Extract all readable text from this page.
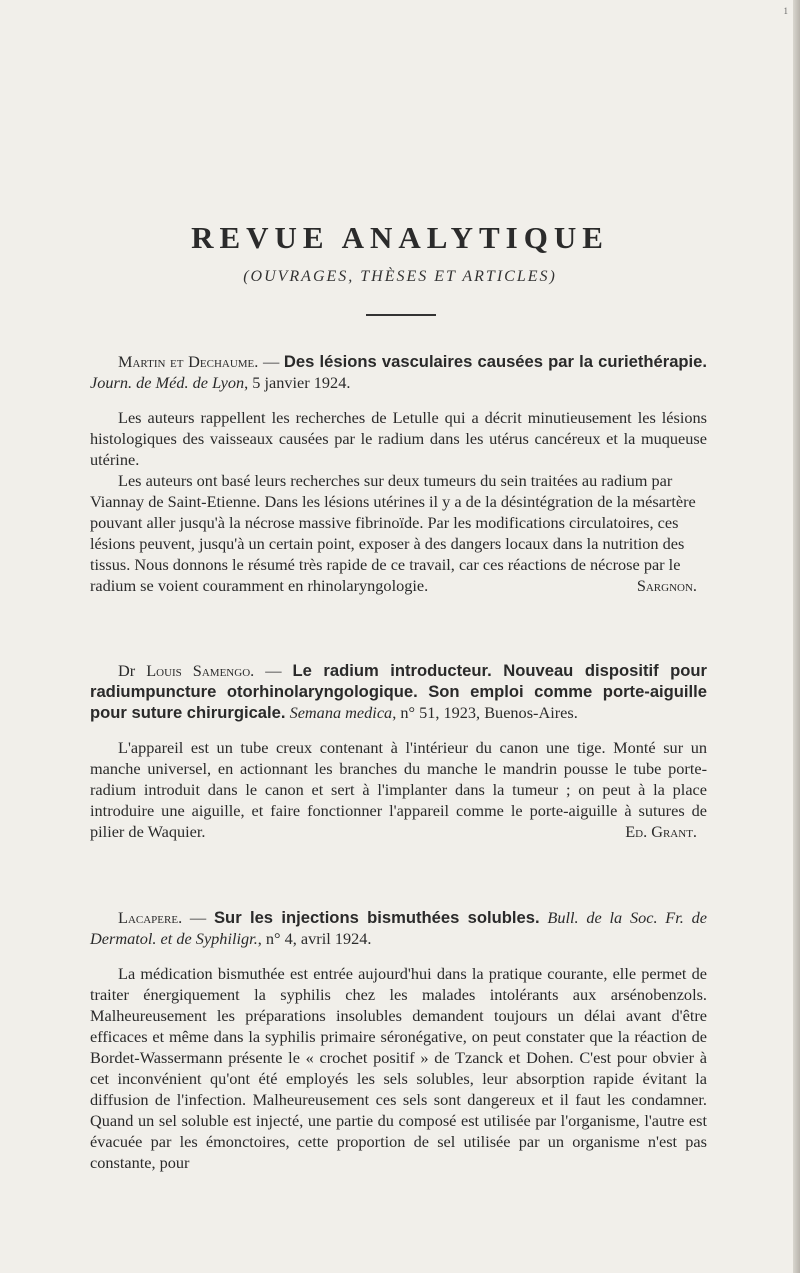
1
REVUE ANALYTIQUE
(OUVRAGES, THÈSES ET ARTICLES)

Martin et Dechaume. — Des lésions vasculaires causées par la curiethérapie. Journ. de Méd. de Lyon, 5 janvier 1924.

Les auteurs rappellent les recherches de Letulle qui a décrit minutieusement les lésions histologiques des vaisseaux causées par le radium dans les utérus cancéreux et la muqueuse utérine.

Les auteurs ont basé leurs recherches sur deux tumeurs du sein traitées au radium par Viannay de Saint-Etienne. Dans les lésions utérines il y a de la désintégration de la mésartère pouvant aller jusqu'à la nécrose massive fibrinoïde. Par les modifications circulatoires, ces lésions peuvent, jusqu'à un certain point, exposer à des dangers locaux dans la nutrition des tissus. Nous donnons le résumé très rapide de ce travail, car ces réactions de nécrose par le radium se voient couramment en rhinolaryngologie.	Sargnon.

Dr Louis Samengo. — Le radium introducteur. Nouveau dispositif pour radiumpuncture otorhinolaryngologique. Son emploi comme porte-aiguille pour suture chirurgicale. Semana medica, n° 51, 1923, Buenos-Aires.

L'appareil est un tube creux contenant à l'intérieur du canon une tige. Monté sur un manche universel, en actionnant les branches du manche le mandrin pousse le tube porte-radium introduit dans le canon et sert à l'implanter dans la tumeur ; on peut à la place introduire une aiguille, et faire fonctionner l'appareil comme le porte-aiguille à sutures de pilier de Waquier.	Ed. Grant.

Lacapere. — Sur les injections bismuthées solubles. Bull. de la Soc. Fr. de Dermatol. et de Syphiligr., n° 4, avril 1924.

La médication bismuthée est entrée aujourd'hui dans la pratique courante, elle permet de traiter énergiquement la syphilis chez les malades intolérants aux arsénobenzols. Malheureusement les préparations insolubles demandent toujours un délai avant d'être efficaces et même dans la syphilis primaire séronégative, on peut constater que la réaction de Bordet-Wassermann présente le « crochet positif » de Tzanck et Dohen. C'est pour obvier à cet inconvénient qu'ont été employés les sels solubles, leur absorption rapide évitant la diffusion de l'infection. Malheureusement ces sels sont dangereux et il faut les condamner. Quand un sel soluble est injecté, une partie du composé est utilisée par l'organisme, l'autre est évacuée par les émonctoires, cette proportion de sel utilisée par un organisme n'est pas constante, pour
